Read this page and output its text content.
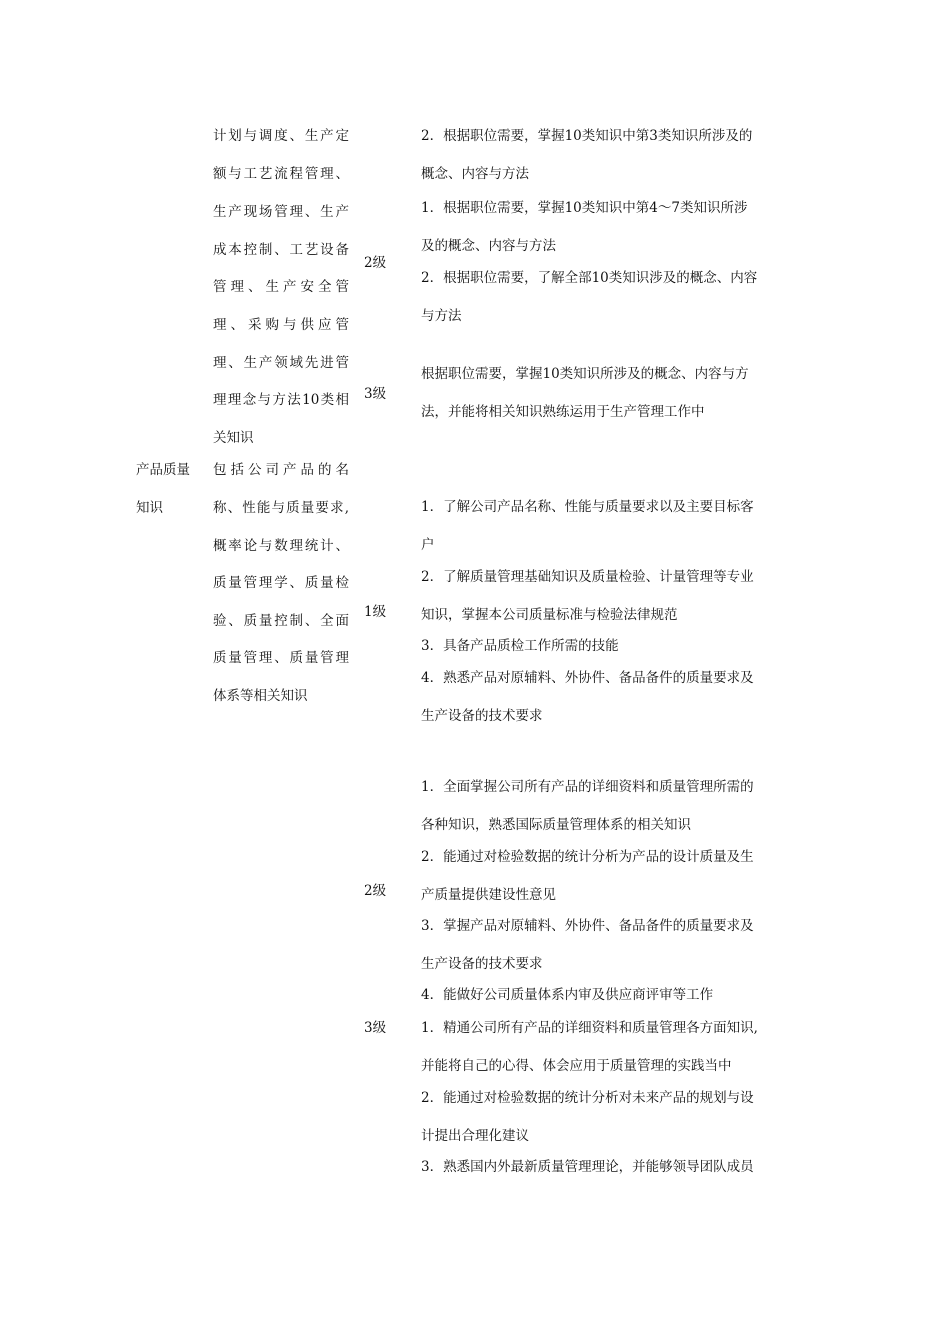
计划与调度、生产定
额与工艺流程管理、
生产现场管理、生产
成本控制、工艺设备
管理、生产安全管
理、采购与供应管
理、生产领域先进管
理理念与方法10类相
关知识
2．根据职位需要，掌握10类知识中第3类知识所涉及的
概念、内容与方法
2级
1．根据职位需要，掌握10类知识中第4～7类知识所涉
及的概念、内容与方法
2．根据职位需要，了解全部10类知识涉及的概念、内容
与方法
3级
根据职位需要，掌握10类知识所涉及的概念、内容与方
法，并能将相关知识熟练运用于生产管理工作中
产品质量
知识
包括公司产品的名
称、性能与质量要求,
概率论与数理统计、
质量管理学、质量检
验、质量控制、全面
质量管理、质量管理
体系等相关知识
1级
1．了解公司产品名称、性能与质量要求以及主要目标客
户
2．了解质量管理基础知识及质量检验、计量管理等专业
知识，掌握本公司质量标准与检验法律规范
3．具备产品质检工作所需的技能
4．熟悉产品对原辅料、外协件、备品备件的质量要求及
生产设备的技术要求
2级
1．全面掌握公司所有产品的详细资料和质量管理所需的
各种知识，熟悉国际质量管理体系的相关知识
2．能通过对检验数据的统计分析为产品的设计质量及生
产质量提供建设性意见
3．掌握产品对原辅料、外协件、备品备件的质量要求及
生产设备的技术要求
4．能做好公司质量体系内审及供应商评审等工作
3级	1．精通公司所有产品的详细资料和质量管理各方面知识,
并能将自己的心得、体会应用于质量管理的实践当中
2．能通过对检验数据的统计分析对未来产品的规划与设
计提出合理化建议
3．熟悉国内外最新质量管理理论，并能够领导团队成员
